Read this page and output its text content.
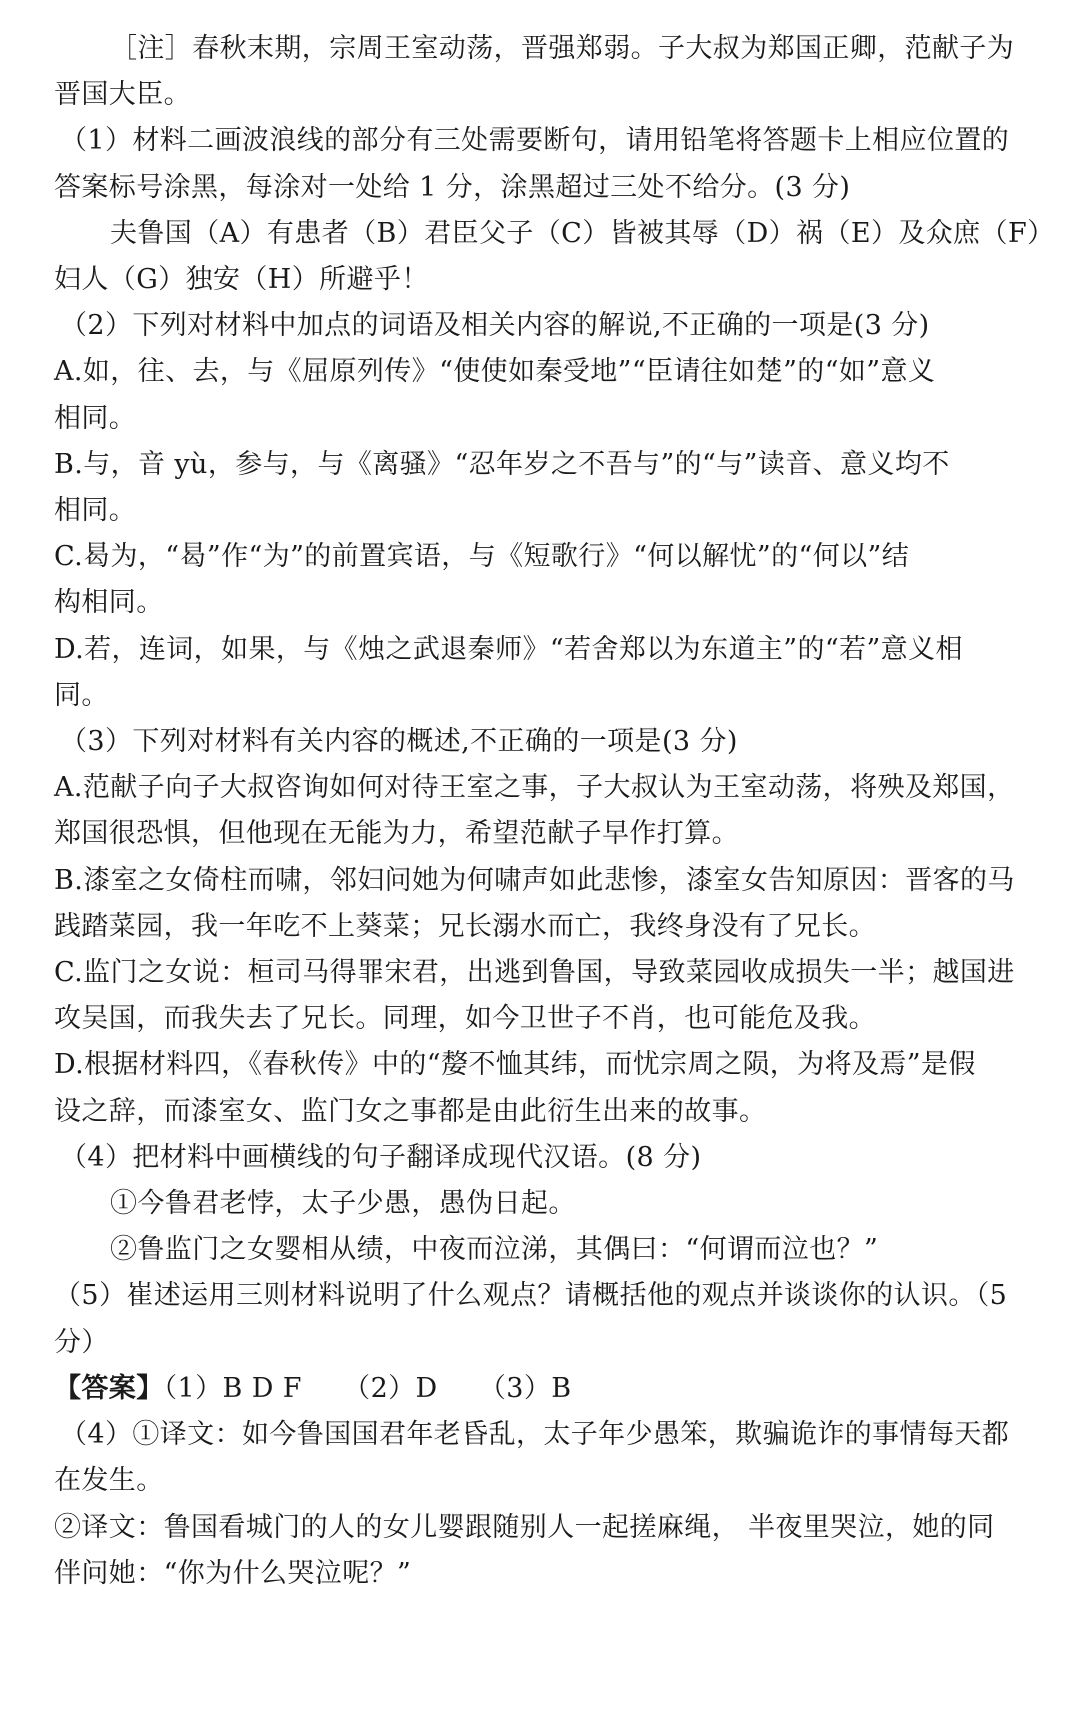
［注］春秋末期，宗周王室动荡，晋强郑弱。子大叔为郑国正卿，范献子为
晋国大臣。
（1）材料二画波浪线的部分有三处需要断句，请用铅笔将答题卡上相应位置的
答案标号涂黑，每涂对一处给 1 分，涂黑超过三处不给分。(3 分)
夫鲁国（A）有患者（B）君臣父子（C）皆被其辱（D）祸（E）及众庶（F）
妇人（G）独安（H）所避乎！
（2）下列对材料中加点的词语及相关内容的解说,不正确的一项是(3 分)
A.如，往、去，与《屈原列传》“使使如秦受地”“臣请往如楚”的“如”意义
相同。
B.与，音 yù，参与，与《离骚》“忍年岁之不吾与”的“与”读音、意义均不
相同。
C.曷为，“曷”作“为”的前置宾语，与《短歌行》“何以解忧”的“何以”结
构相同。
D.若，连词，如果，与《烛之武退秦师》“若舍郑以为东道主”的“若”意义相
同。
（3）下列对材料有关内容的概述,不正确的一项是(3 分)
A.范献子向子大叔咨询如何对待王室之事，子大叔认为王室动荡，将殃及郑国，
郑国很恐惧，但他现在无能为力，希望范献子早作打算。
B.漆室之女倚柱而啸，邻妇问她为何啸声如此悲惨，漆室女告知原因：晋客的马
践踏菜园，我一年吃不上葵菜；兄长溺水而亡，我终身没有了兄长。
C.监门之女说：桓司马得罪宋君，出逃到鲁国，导致菜园收成损失一半；越国进
攻吴国，而我失去了兄长。同理，如今卫世子不肖，也可能危及我。
D.根据材料四，《春秋传》中的“嫠不恤其纬，而忧宗周之陨，为将及焉”是假
设之辞，而漆室女、监门女之事都是由此衍生出来的故事。
（4）把材料中画横线的句子翻译成现代汉语。(8 分)
①今鲁君老悖，太子少愚，愚伪日起。
②鲁监门之女婴相从绩，中夜而泣涕，其偶曰：“何谓而泣也？”
（5）崔述运用三则材料说明了什么观点？请概括他的观点并谈谈你的认识。（5
分）
【答案】（1）B D F　　（2）D　　（3）B
（4）①译文：如今鲁国国君年老昏乱，太子年少愚笨，欺骗诡诈的事情每天都
在发生。
②译文：鲁国看城门的人的女儿婴跟随别人一起搓麻绳， 半夜里哭泣，她的同
伴问她：“你为什么哭泣呢？”
